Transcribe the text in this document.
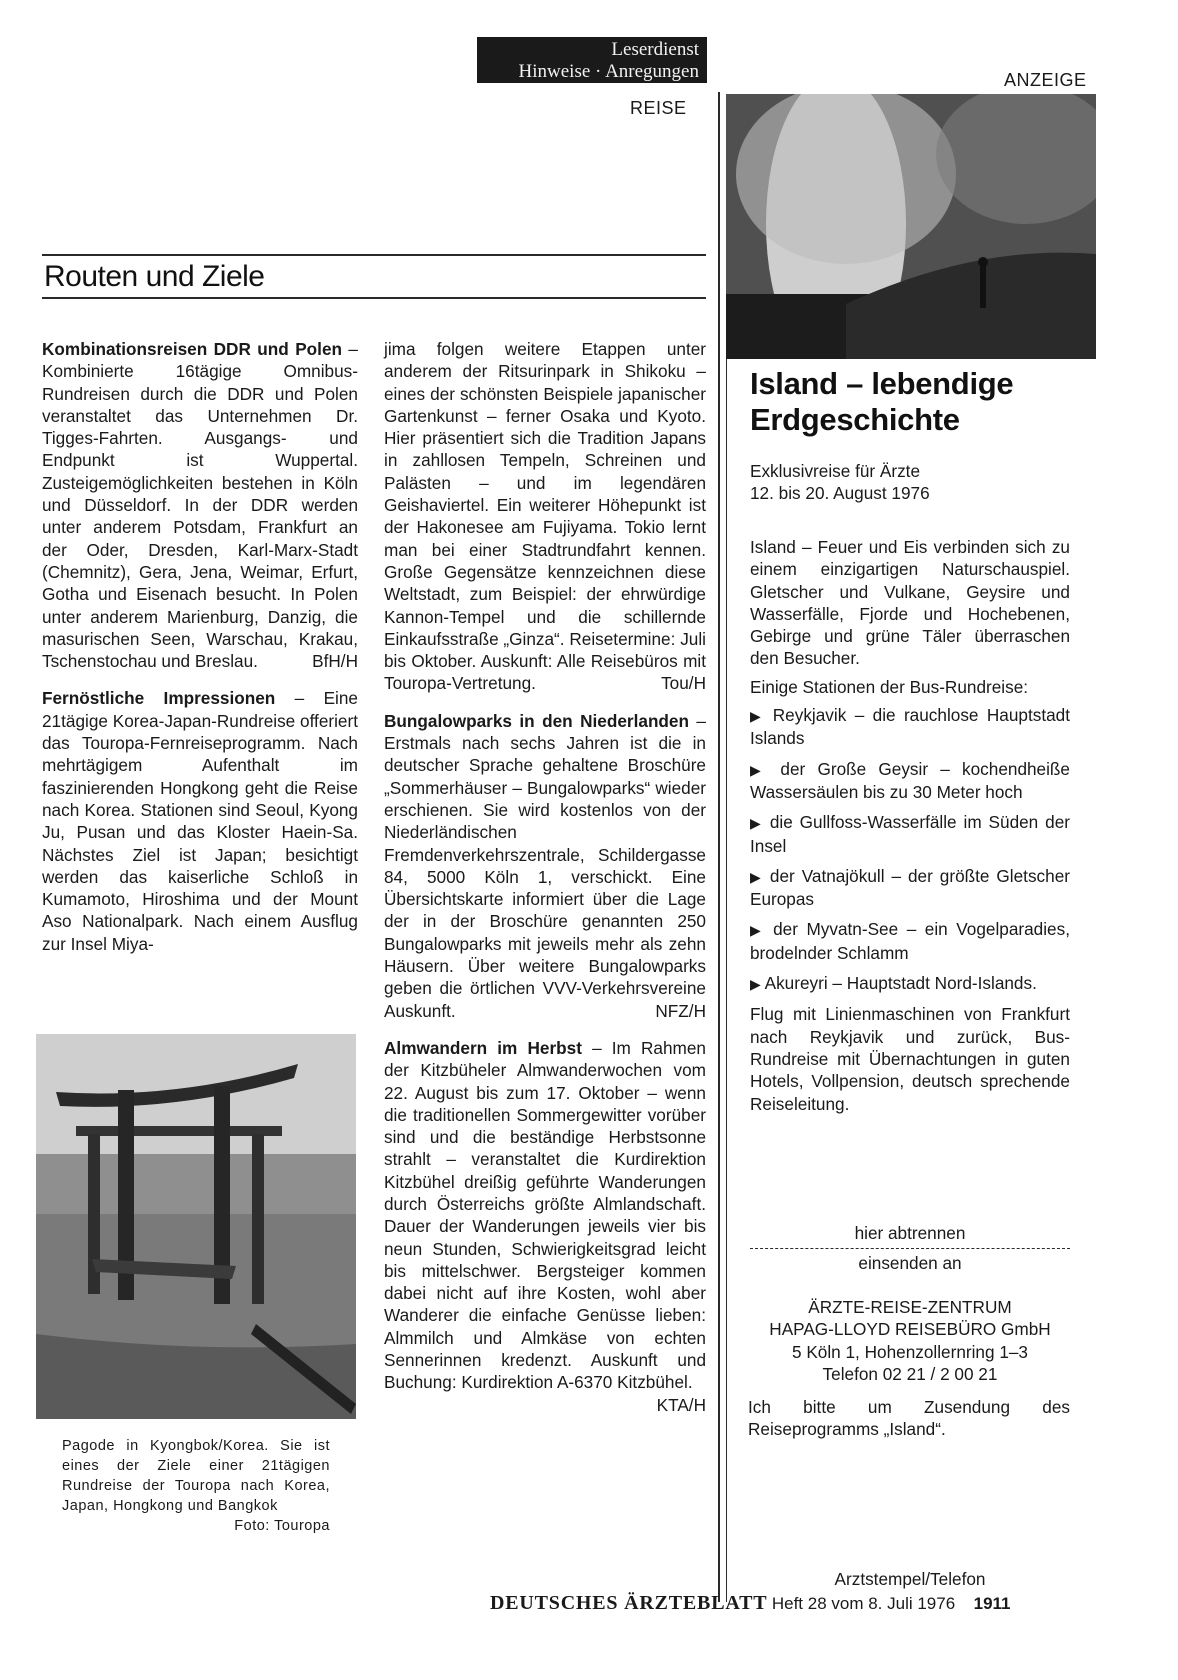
Leserdienst
Hinweise · Anregungen
REISE
ANZEIGE
Routen und Ziele

Kombinationsreisen DDR und Polen – Kombinierte 16tägige Omnibus-Rundreisen durch die DDR und Polen veranstaltet das Unternehmen Dr. Tigges-Fahrten. Ausgangs- und Endpunkt ist Wuppertal. Zusteigemöglichkeiten bestehen in Köln und Düsseldorf. In der DDR werden unter anderem Potsdam, Frankfurt an der Oder, Dresden, Karl-Marx-Stadt (Chemnitz), Gera, Jena, Weimar, Erfurt, Gotha und Eisenach besucht. In Polen unter anderem Marienburg, Danzig, die masurischen Seen, Warschau, Krakau, Tschenstochau und Breslau.	BfH/H

Fernöstliche Impressionen – Eine 21tägige Korea-Japan-Rundreise offeriert das Touropa-Fernreiseprogramm. Nach mehrtägigem Aufenthalt im faszinierenden Hongkong geht die Reise nach Korea. Stationen sind Seoul, Kyong Ju, Pusan und das Kloster Haein-Sa. Nächstes Ziel ist Japan; besichtigt werden das kaiserliche Schloß in Kumamoto, Hiroshima und der Mount Aso Nationalpark. Nach einem Ausflug zur Insel Miya-

Pagode in Kyongbok/Korea. Sie ist eines der Ziele einer 21tägigen Rundreise der Touropa nach Korea, Japan, Hongkong und Bangkok
Foto: Touropa

jima folgen weitere Etappen unter anderem der Ritsurinpark in Shikoku – eines der schönsten Beispiele japanischer Gartenkunst – ferner Osaka und Kyoto. Hier präsentiert sich die Tradition Japans in zahllosen Tempeln, Schreinen und Palästen – und im legendären Geishaviertel. Ein weiterer Höhepunkt ist der Hakonesee am Fujiyama. Tokio lernt man bei einer Stadtrundfahrt kennen. Große Gegensätze kennzeichnen diese Weltstadt, zum Beispiel: der ehrwürdige Kannon-Tempel und die schillernde Einkaufsstraße „Ginza“. Reisetermine: Juli bis Oktober. Auskunft: Alle Reisebüros mit Touropa-Vertretung.	Tou/H

Bungalowparks in den Niederlanden – Erstmals nach sechs Jahren ist die in deutscher Sprache gehaltene Broschüre „Sommerhäuser – Bungalowparks“ wieder erschienen. Sie wird kostenlos von der Niederländischen Fremdenverkehrszentrale, Schildergasse 84, 5000 Köln 1, verschickt. Eine Übersichtskarte informiert über die Lage der in der Broschüre genannten 250 Bungalowparks mit jeweils mehr als zehn Häusern. Über weitere Bungalowparks geben die örtlichen VVV-Verkehrsvereine Auskunft.	NFZ/H

Almwandern im Herbst – Im Rahmen der Kitzbüheler Almwanderwochen vom 22. August bis zum 17. Oktober – wenn die traditionellen Sommergewitter vorüber sind und die beständige Herbstsonne strahlt – veranstaltet die Kurdirektion Kitzbühel dreißig geführte Wanderungen durch Österreichs größte Almlandschaft. Dauer der Wanderungen jeweils vier bis neun Stunden, Schwierigkeitsgrad leicht bis mittelschwer. Bergsteiger kommen dabei nicht auf ihre Kosten, wohl aber Wanderer die einfache Genüsse lieben: Almmilch und Almkäse von echten Sennerinnen kredenzt. Auskunft und Buchung: Kurdirektion A-6370 Kitzbühel.
KTA/H

Island – lebendige Erdgeschichte
Exklusivreise für Ärzte
12. bis 20. August 1976

Island – Feuer und Eis verbinden sich zu einem einzigartigen Naturschauspiel. Gletscher und Vulkane, Geysire und Wasserfälle, Fjorde und Hochebenen, Gebirge und grüne Täler überraschen den Besucher.

Einige Stationen der Bus-Rundreise:

▶ Reykjavik – die rauchlose Hauptstadt Islands
▶ der Große Geysir – kochendheiße Wassersäulen bis zu 30 Meter hoch
▶ die Gullfoss-Wasserfälle im Süden der Insel
▶ der Vatnajökull – der größte Gletscher Europas
▶ der Myvatn-See – ein Vogelparadies, brodelnder Schlamm
▶ Akureyri – Hauptstadt Nord-Islands.

Flug mit Linienmaschinen von Frankfurt nach Reykjavik und zurück, Bus-Rundreise mit Übernachtungen in guten Hotels, Vollpension, deutsch sprechende Reiseleitung.

hier abtrennen
einsenden an
ÄRZTE-REISE-ZENTRUM
HAPAG-LLOYD REISEBÜRO GmbH
5 Köln 1, Hohenzollernring 1–3
Telefon 02 21 / 2 00 21
Ich bitte um Zusendung des Reiseprogramms „Island“.
Arztstempel/Telefon
DEUTSCHES ÄRZTEBLATT Heft 28 vom 8. Juli 1976 1911
